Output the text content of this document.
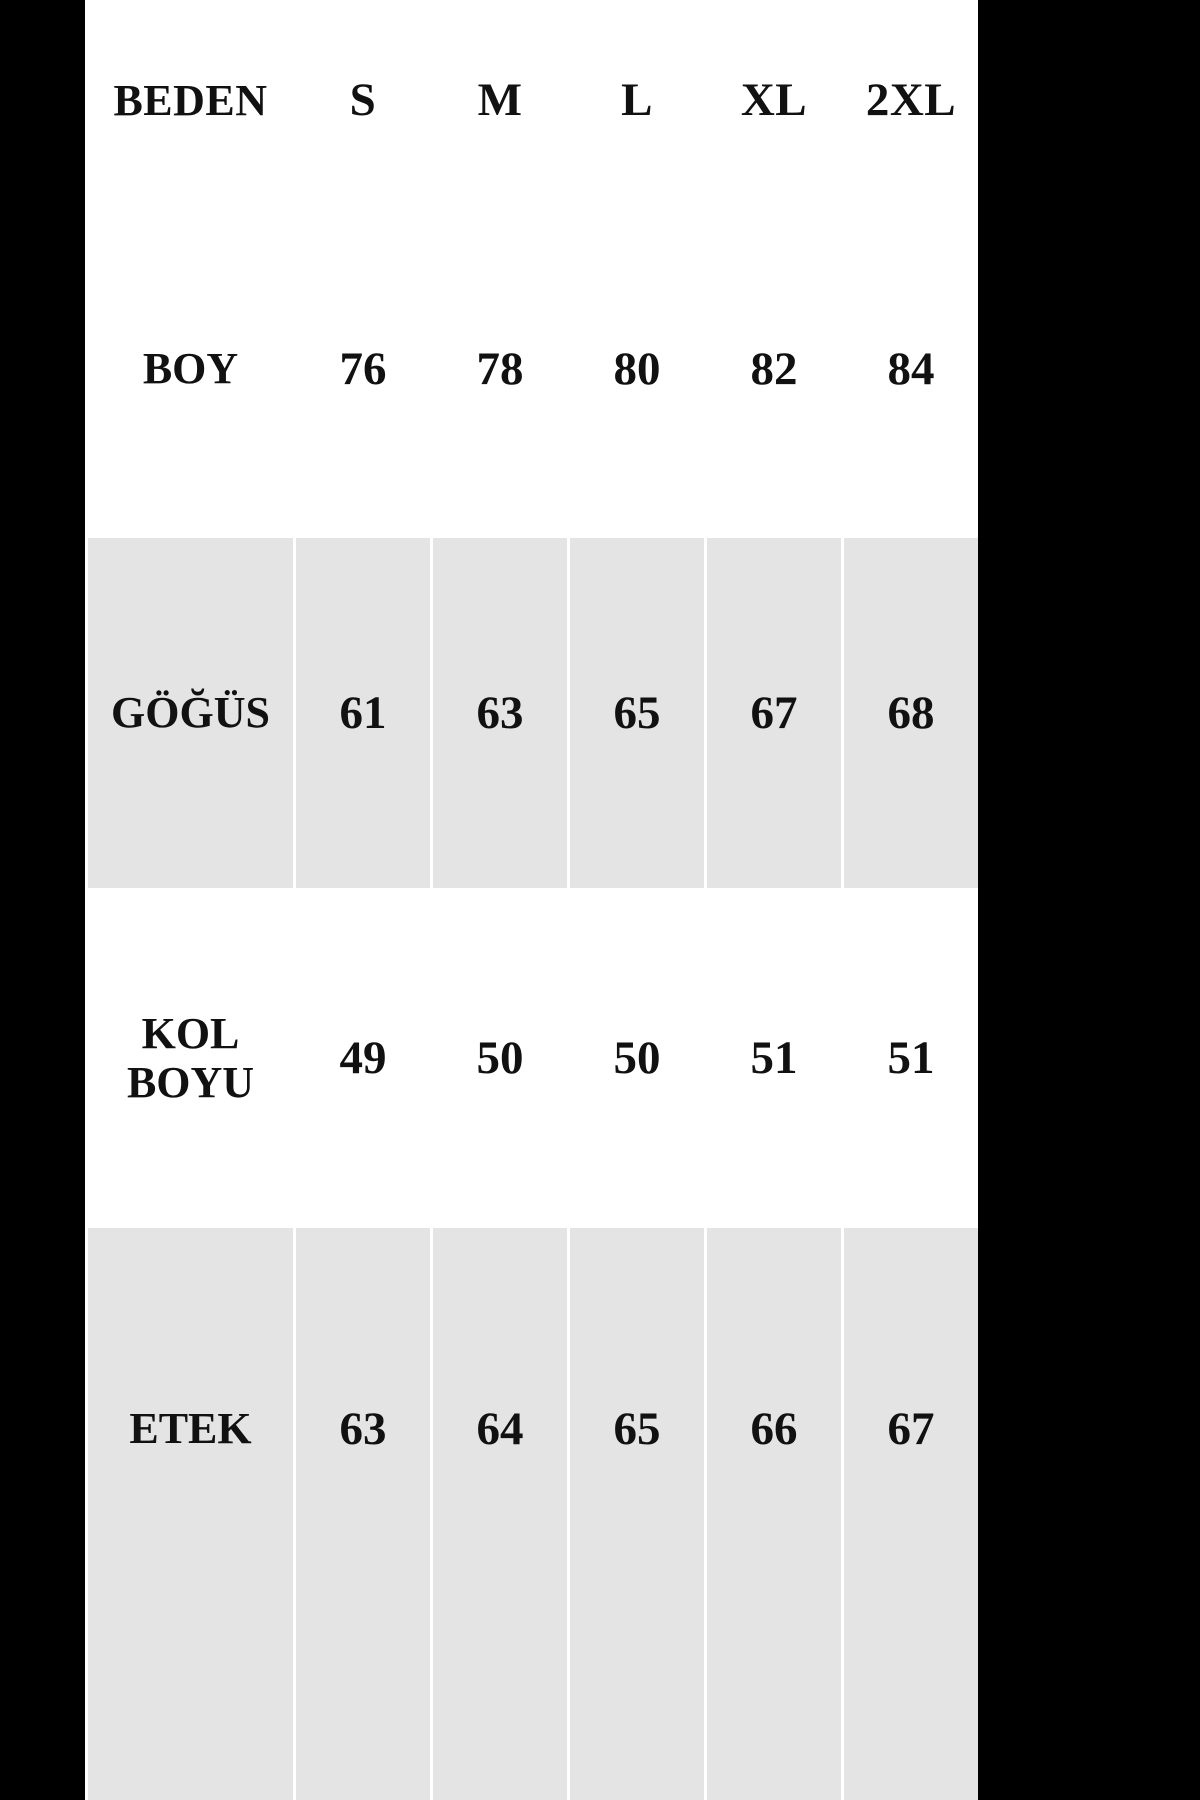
BEDEN	S	M	L	XL	2XL
BOY	76	78	80	82	84
GÖĞÜS	61	63	65	67	68
KOL BOYU	49	50	50	51	51
ETEK	63	64	65	66	67
